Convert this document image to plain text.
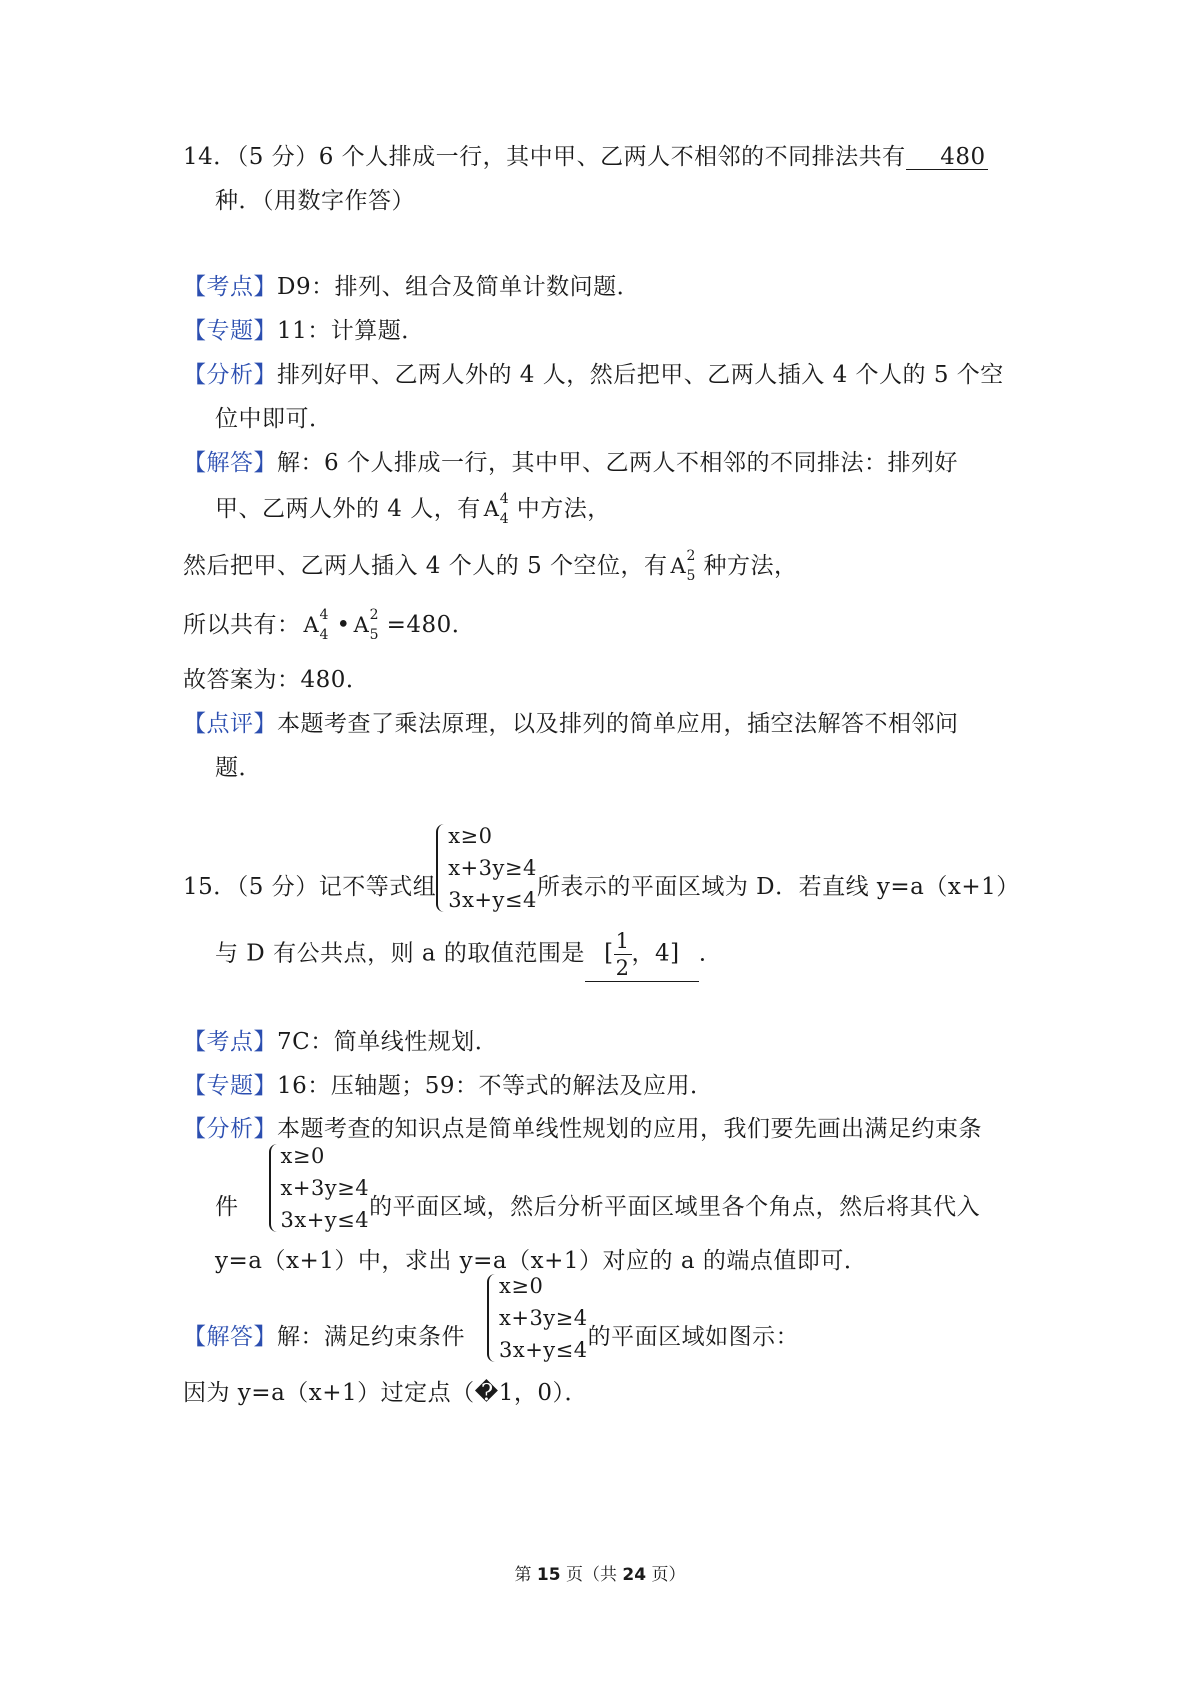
14．（5 分）6 个人排成一行，其中甲、乙两人不相邻的不同排法共有 480
种．（用数字作答）
【考点】D9：排列、组合及简单计数问题．
【专题】11：计算题．
【分析】排列好甲、乙两人外的 4 人，然后把甲、乙两人插入 4 个人的 5 个空
位中即可．
【解答】解：6 个人排成一行，其中甲、乙两人不相邻的不同排法：排列好
甲、乙两人外的 4 人，有 A 4
4 中方法，
然后把甲、乙两人插入 4 个人的 5 个空位，有 A 2
5 种方法，
所以共有： A 4
4 • A 2
5 =480．
故答案为：480．
【点评】本题考查了乘法原理，以及排列的简单应用，插空法解答不相邻问
题．
15．（5 分）记不等式组
x≥0
x+3y≥4
3x+y≤4 所表示的平面区域为 D．若直线 y=a（x+1）
与 D 有公共点，则 a 的取值范围是 [ $\frac{1}{2}$ ，4] ．
【考点】7C：简单线性规划．
【专题】16：压轴题；59：不等式的解法及应用．
【分析】本题考查的知识点是简单线性规划的应用，我们要先画出满足约束条
件
x≥0
x+3y≥4
3x+y≤4 的平面区域，然后分析平面区域里各个角点，然后将其代入
y=a（x+1）中，求出 y=a（x+1）对应的 a 的端点值即可．
【解答】解：满足约束条件
x≥0
x+3y≥4
3x+y≤4 的平面区域如图示：
因为 y=a（x+1）过定点（�1，0）．
第 15 页（共 24 页）
